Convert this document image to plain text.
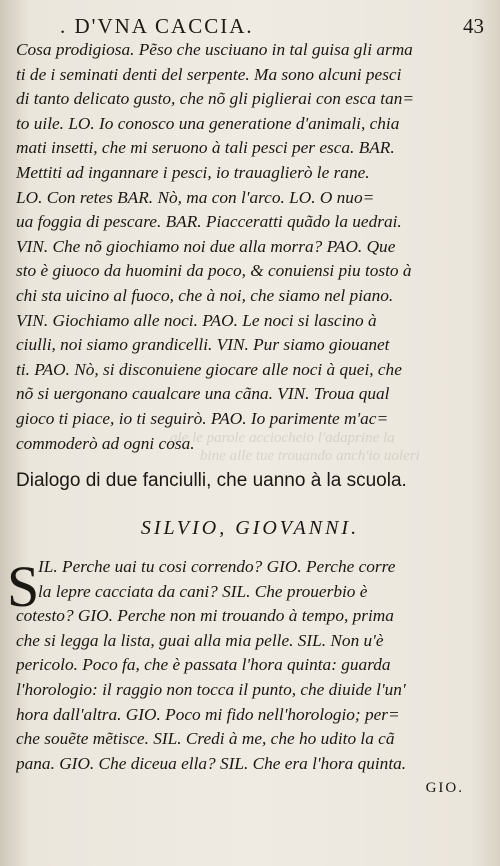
gle le parole acciocheio l'adaprine la
bine alle tue trouando anch'io uoleri
. D'VNA CACCIA.	43
Cosa prodigiosa. Pẽso che usciuano in tal guisa gli arma
ti de i seminati denti del serpente. Ma sono alcuni pesci
di tanto delicato gusto, che nõ gli piglierai con esca tan=
to uile. LO. Io conosco una generatione d'animali, chia
mati insetti, che mi seruono à tali pesci per esca. BAR.
Mettiti ad ingannare i pesci, io trauaglierò le rane.
LO. Con retes BAR. Nò, ma con l'arco. LO. O nuo=
ua foggia di pescare. BAR. Piacceratti quãdo la uedrai.
VIN. Che nõ giochiamo noi due alla morra? PAO. Que
sto è giuoco da huomini da poco, & conuiensi piu tosto à
chi sta uicino al fuoco, che à noi, che siamo nel piano.
VIN. Giochiamo alle noci. PAO. Le noci si lascino à
ciulli, noi siamo grandicelli. VIN. Pur siamo giouanet
ti. PAO. Nò, si disconuiene giocare alle noci à quei, che
nõ si uergonano caualcare una cãna. VIN. Troua qual
gioco ti piace, io ti seguirò. PAO. Io parimente m'ac=
commoderò ad ogni cosa.
Dialogo di due fanciulli, che uanno à la scuola.
SILVIO, GIOVANNI.
S
IL. Perche uai tu cosi correndo? GIO. Perche corre
la lepre cacciata da cani? SIL. Che prouerbio è
cotesto? GIO. Perche non mi trouando à tempo, prima
che si legga la lista, guai alla mia pelle. SIL. Non u'è
pericolo. Poco fa, che è passata l'hora quinta: guarda
l'horologio: il raggio non tocca il punto, che diuide l'un'
hora dall'altra. GIO. Poco mi fido nell'horologio; per=
che souẽte mẽtisce. SIL. Credi à me, che ho udito la cã
pana. GIO. Che diceua ella? SIL. Che era l'hora quinta.
GIO.
